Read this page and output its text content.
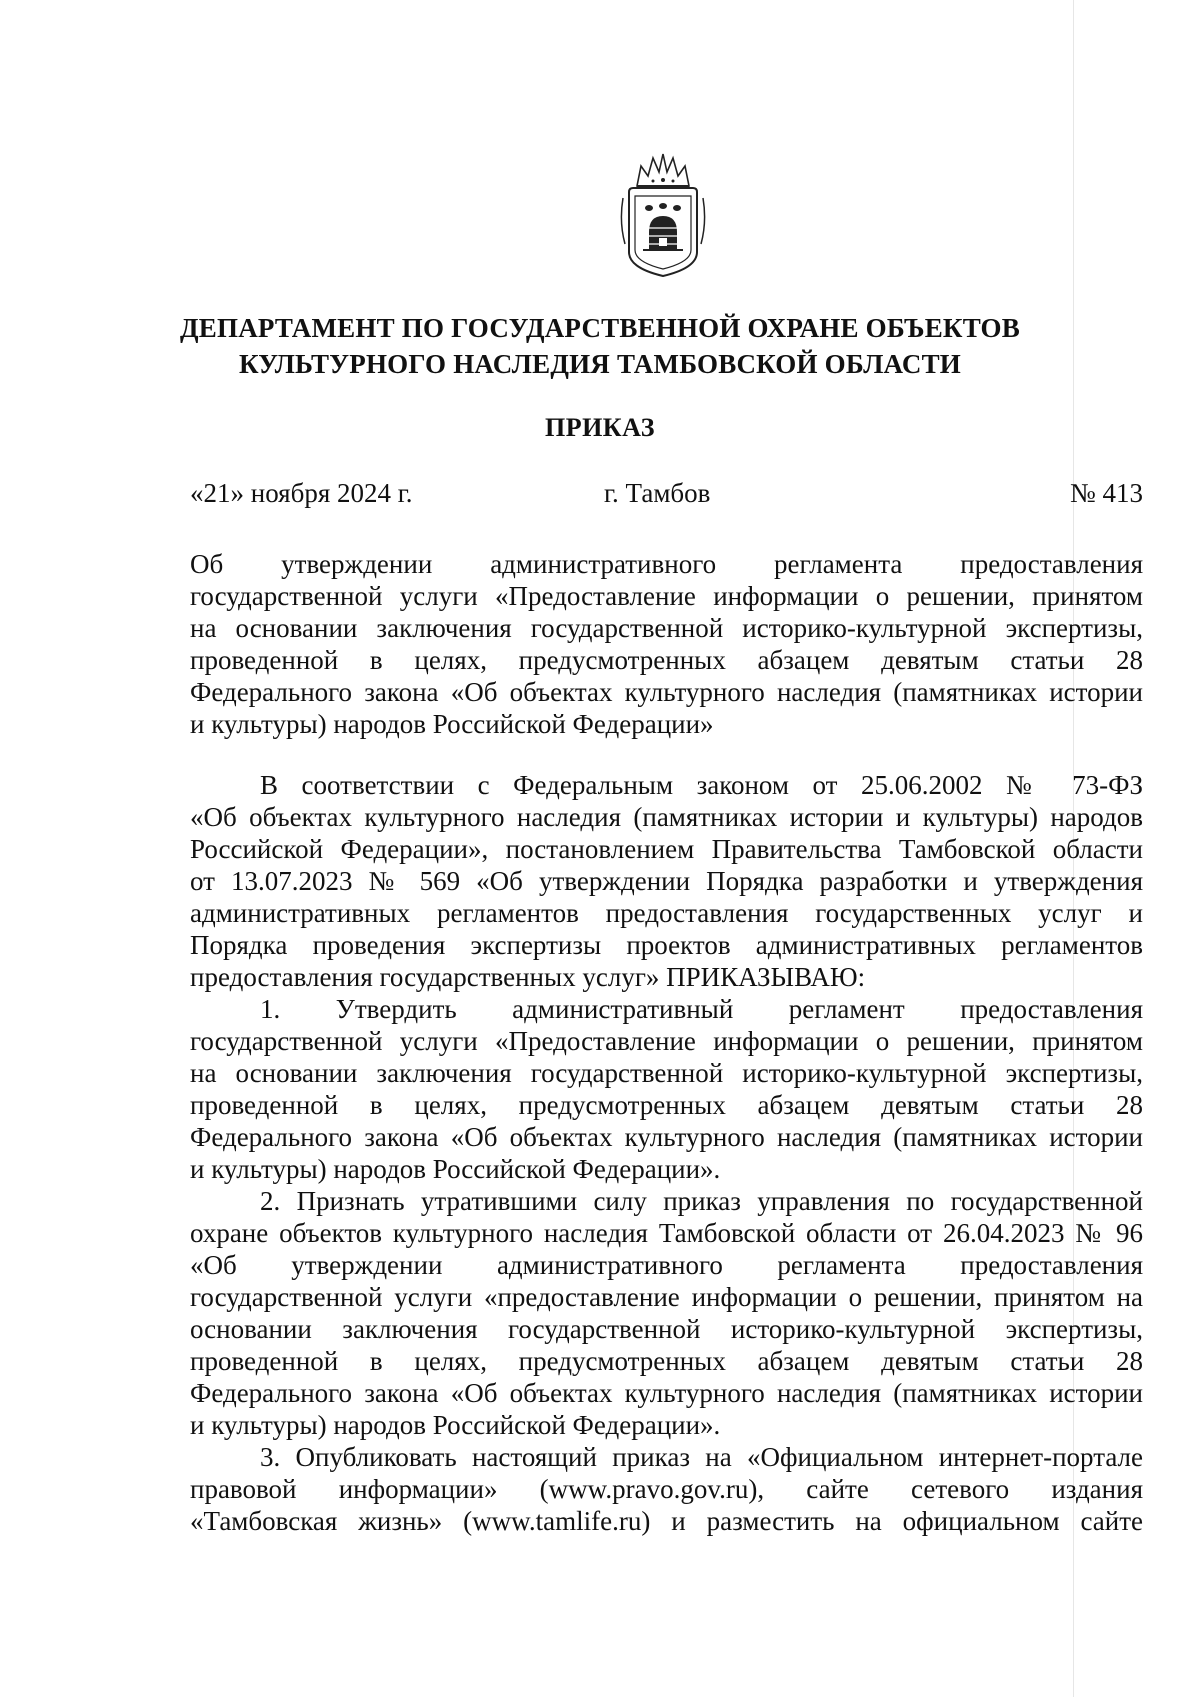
ДЕПАРТАМЕНТ ПО ГОСУДАРСТВЕННОЙ ОХРАНЕ ОБЪЕКТОВ
КУЛЬТУРНОГО НАСЛЕДИЯ ТАМБОВСКОЙ ОБЛАСТИ
ПРИКАЗ
«21» ноября 2024 г.	г. Тамбов	№ 413
Об утверждении административного регламента предоставления
государственной услуги «Предоставление информации о решении, принятом
на основании заключения государственной историко-культурной экспертизы,
проведенной в целях, предусмотренных абзацем девятым статьи 28
Федерального закона «Об объектах культурного наследия (памятниках истории
и культуры) народов Российской Федерации»
В соответствии с Федеральным законом от 25.06.2002 № 73-ФЗ
«Об объектах культурного наследия (памятниках истории и культуры) народов
Российской Федерации», постановлением Правительства Тамбовской области
от 13.07.2023 № 569 «Об утверждении Порядка разработки и утверждения
административных регламентов предоставления государственных услуг и
Порядка проведения экспертизы проектов административных регламентов
предоставления государственных услуг» ПРИКАЗЫВАЮ:
1. Утвердить административный регламент предоставления
государственной услуги «Предоставление информации о решении, принятом
на основании заключения государственной историко-культурной экспертизы,
проведенной в целях, предусмотренных абзацем девятым статьи 28
Федерального закона «Об объектах культурного наследия (памятниках истории
и культуры) народов Российской Федерации».
2. Признать утратившими силу приказ управления по государственной
охране объектов культурного наследия Тамбовской области от 26.04.2023 № 96
«Об утверждении административного регламента предоставления
государственной услуги «предоставление информации о решении, принятом на
основании заключения государственной историко-культурной экспертизы,
проведенной в целях, предусмотренных абзацем девятым статьи 28
Федерального закона «Об объектах культурного наследия (памятниках истории
и культуры) народов Российской Федерации».
3. Опубликовать настоящий приказ на «Официальном интернет-портале
правовой информации» (www.pravo.gov.ru), сайте сетевого издания
«Тамбовская жизнь» (www.tamlife.ru) и разместить на официальном сайте
